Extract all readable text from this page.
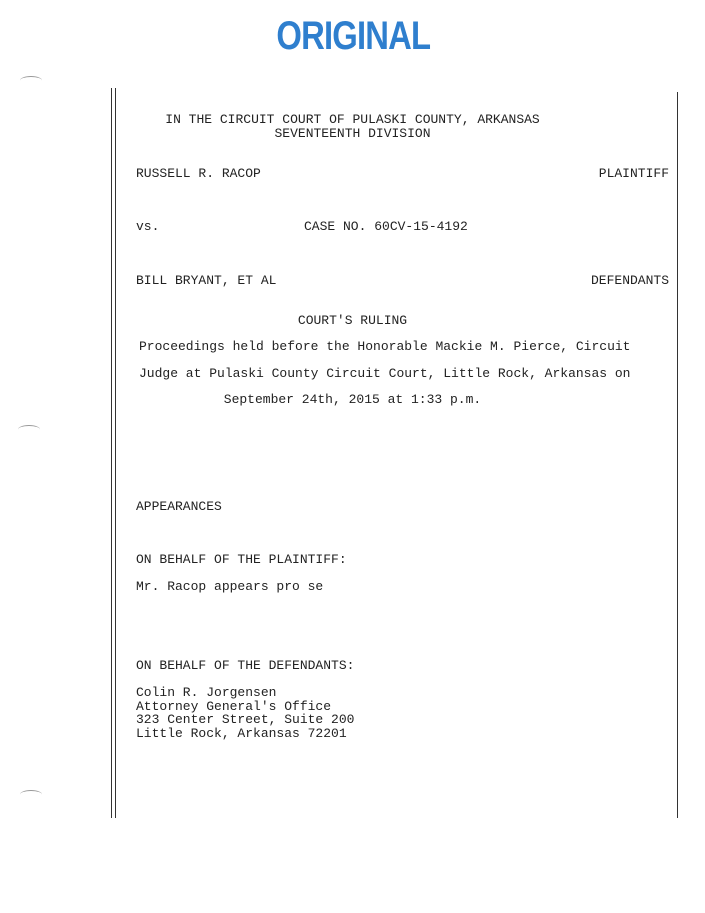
ORIGINAL
IN THE CIRCUIT COURT OF PULASKI COUNTY, ARKANSAS
SEVENTEENTH DIVISION
RUSSELL R. RACOP	PLAINTIFF
vs.	CASE NO. 60CV-15-4192
BILL BRYANT, ET AL	DEFENDANTS
COURT'S RULING
Proceedings held before the Honorable Mackie M. Pierce, Circuit
Judge at Pulaski County Circuit Court, Little Rock, Arkansas on
September 24th, 2015 at 1:33 p.m.
APPEARANCES
ON BEHALF OF THE PLAINTIFF:
Mr. Racop appears pro se
ON BEHALF OF THE DEFENDANTS:
Colin R. Jorgensen
Attorney General's Office
323 Center Street, Suite 200
Little Rock, Arkansas 72201
